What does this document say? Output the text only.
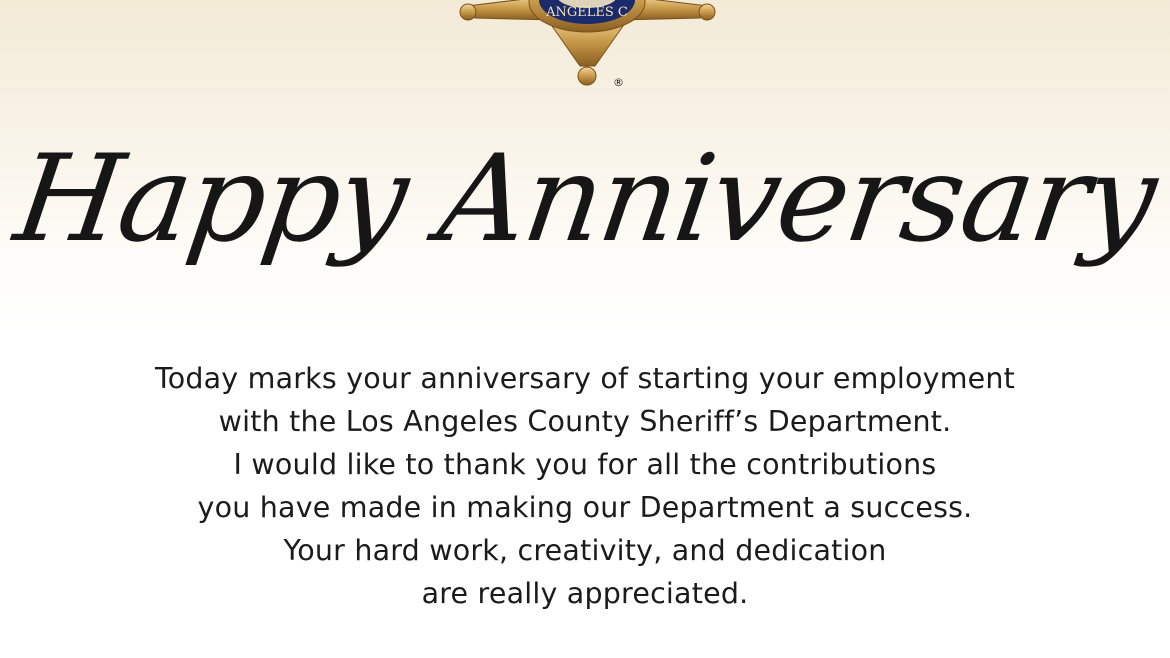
ANGELES C
®
Happy Anniversary
Today marks your anniversary of starting your employment
with the Los Angeles County Sheriff’s Department.
I would like to thank you for all the contributions
you have made in making our Department a success.
Your hard work, creativity, and dedication
are really appreciated.
